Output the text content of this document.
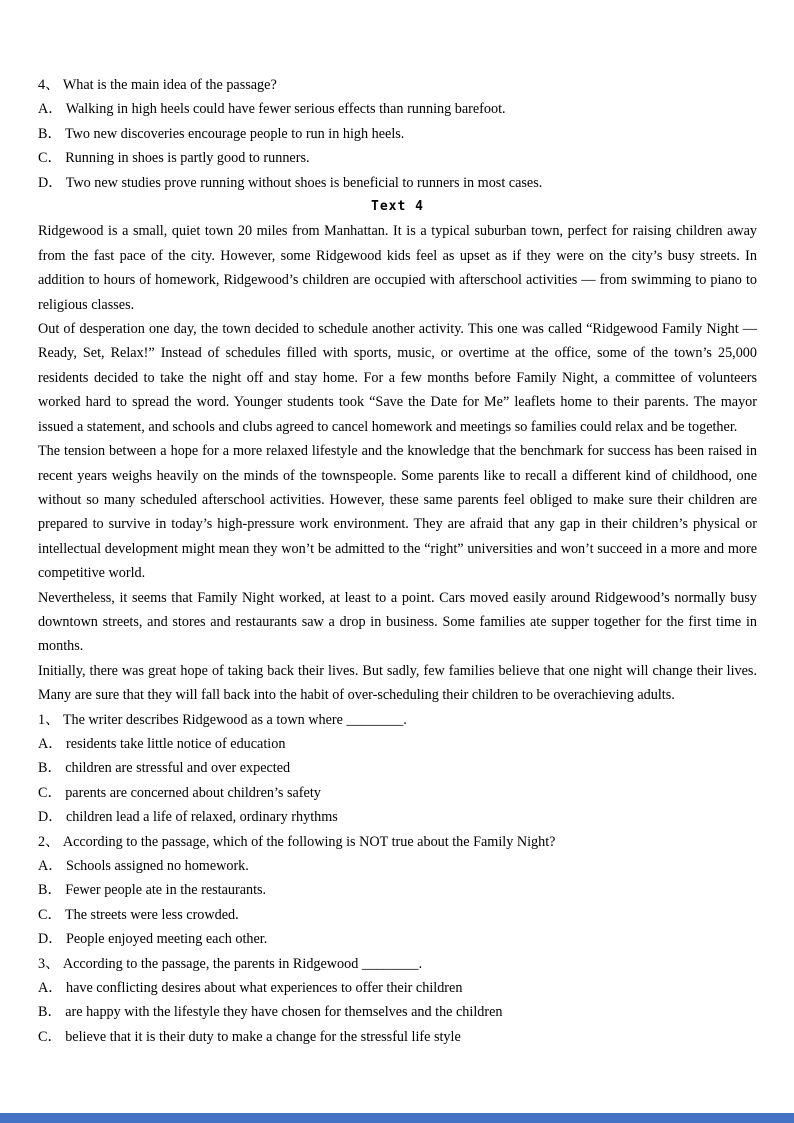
4、 What is the main idea of the passage?
A． Walking in high heels could have fewer serious effects than running barefoot.
B． Two new discoveries encourage people to run in high heels.
C． Running in shoes is partly good to runners.
D． Two new studies prove running without shoes is beneficial to runners in most cases.
Text 4

Ridgewood is a small, quiet town 20 miles from Manhattan. It is a typical suburban town, perfect for raising children away from the fast pace of the city. However, some Ridgewood kids feel as upset as if they were on the city’s busy streets. In addition to hours of homework, Ridgewood’s children are occupied with afterschool activities — from swimming to piano to religious classes.

Out of desperation one day, the town decided to schedule another activity. This one was called “Ridgewood Family Night — Ready, Set, Relax!” Instead of schedules filled with sports, music, or overtime at the office, some of the town’s 25,000 residents decided to take the night off and stay home. For a few months before Family Night, a committee of volunteers worked hard to spread the word. Younger students took “Save the Date for Me” leaflets home to their parents. The mayor issued a statement, and schools and clubs agreed to cancel homework and meetings so families could relax and be together.

The tension between a hope for a more relaxed lifestyle and the knowledge that the benchmark for success has been raised in recent years weighs heavily on the minds of the townspeople. Some parents like to recall a different kind of childhood, one without so many scheduled afterschool activities. However, these same parents feel obliged to make sure their children are prepared to survive in today’s high-pressure work environment. They are afraid that any gap in their children’s physical or intellectual development might mean they won’t be admitted to the “right” universities and won’t succeed in a more and more competitive world.

Nevertheless, it seems that Family Night worked, at least to a point. Cars moved easily around Ridgewood’s normally busy downtown streets, and stores and restaurants saw a drop in business. Some families ate supper together for the first time in months.

Initially, there was great hope of taking back their lives. But sadly, few families believe that one night will change their lives. Many are sure that they will fall back into the habit of over-scheduling their children to be overachieving adults.

1、 The writer describes Ridgewood as a town where ________.
A． residents take little notice of education
B． children are stressful and over expected
C． parents are concerned about children’s safety
D． children lead a life of relaxed, ordinary rhythms
2、 According to the passage, which of the following is NOT true about the Family Night?
A． Schools assigned no homework.
B． Fewer people ate in the restaurants.
C． The streets were less crowded.
D． People enjoyed meeting each other.
3、 According to the passage, the parents in Ridgewood ________.
A． have conflicting desires about what experiences to offer their children
B． are happy with the lifestyle they have chosen for themselves and the children
C． believe that it is their duty to make a change for the stressful life style
